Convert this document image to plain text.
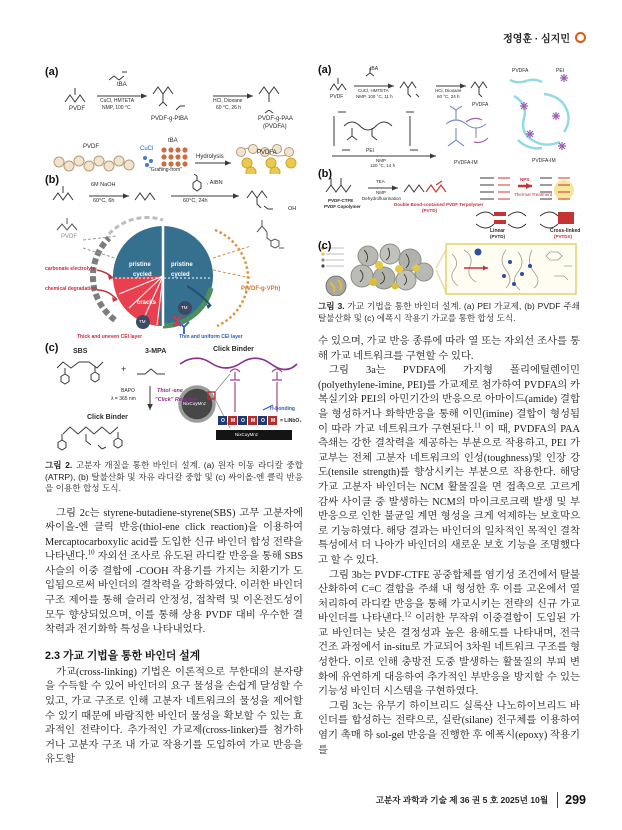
정영훈 · 심지민
(a)
PVDF
tBA
CuCl, HMTETA
NMP, 100 °C
PVDF-g-PtBA
HCl, Dioxane
60 °C, 26 h
PVDF-g-PAA
(PVDFA)
PVDF	CuCl
tBA
"Grafting-from"
Hydrolysis
PVDFA
(b)	6M NaOH
60°C, 6h
, AIBN
60°C, 24h
OH
PVDF
pristine
cycled
pristine
cycled
cracks
TM
TM
carbonate electrolyte
chemical degradation	P(VDF-g-VPh)
Thick and uneven CEI layer	Thin and uniform CEI layer
(c) SBS
+
3-MPA
BAPO
λ = 365 nm
Thiol -ene
"Click" Reaction
Click Binder
Click Binder
NixCoyMnz
H-bonding
O M O M O M = LiNbO₃
NixCoyMnz
그림 2. 고분자 개질을 통한 바인더 설계. (a) 원자 이동 라디칼 중합(ATRP), (b) 탈불산화 및 자유 라디칼 중합 및 (c) 싸이올-엔 클릭 반응을 이용한 합성 도식.

그림 2c는 styrene-butadiene-styrene(SBS) 고무 고분자에 싸이올-엔 클릭 반응(thiol-ene click reaction)을 이용하여 Mercaptocarboxylic acid를 도입한 신규 바인더 합성 전략을 나타낸다.$^{10}$ 자외선 조사로 유도된 라디칼 반응을 통해 SBS 사슬의 이중 결합에 -COOH 작용기를 가지는 치환기가 도입됨으로써 바인더의 결착력을 강화하였다. 이러한 바인더 구조 제어를 통해 슬러리 안정성, 접착력 및 이온전도성이 모두 향상되었으며, 이를 통해 상용 PVDF 대비 우수한 결착력과 전기화학 특성을 나타내었다.

2.3 가교 기법을 통한 바인더 설계

가교(cross-linking) 기법은 이론적으로 무한대의 분자량을 수득할 수 있어 바인더의 요구 물성을 손쉽게 달성할 수 있고, 가교 구조로 인해 고분자 네트워크의 물성을 제어할 수 있기 때문에 바람직한 바인더 물성을 확보할 수 있는 효과적인 전략이다. 추가적인 가교제(cross-linker)를 첨가하거나 고분자 구조 내 가교 작용기를 도입하여 가교 반응을 유도할

(a)
PVDF
tBA
CuCl, HMTETA
NMP, 100 °C, 11 h
HCl, Dioxane
60 °C, 24 h
PVDFA
PVDFA	PEI
PVDFA-IM
PEI
NMP
120 °C, 14 h	PVDFA-IM
(b)
PVDF-CTFE
PVDF Copolymer
TEA
NMP
Dehydrofluorination
Double Bond-contained PVDF Terpolymer
(PVTD)
NPS
Thermal Treatment
Linear
(PVTD)
Cross-linked
(PVTDX)
(c)
그림 3. 가교 기법을 통한 바인더 설계. (a) PEI 가교제, (b) PVDF 주쇄 탈불산화 및 (c) 에폭시 작용기 가교를 통한 합성 도식.

수 있으며, 가교 반응 종류에 따라 열 또는 자외선 조사를 통해 가교 네트워크를 구현할 수 있다.

그림 3a는 PVDFA에 가지형 폴리에틸렌이민(polyethylene-imine, PEI)를 가교제로 첨가하여 PVDFA의 카복실기와 PEI의 아민기간의 반응으로 아마이드(amide) 결합을 형성하거나 화학반응을 통해 이민(imine) 결합이 형성됨이 따라 가교 네트워크가 구현된다.$^{11}$ 이 때, PVDFA의 PAA 측쇄는 강한 결착력을 제공하는 부분으로 작용하고, PEI 가교부는 전체 고분자 네트워크의 인성(toughness)및 인장 강도(tensile strength)를 향상시키는 부분으로 작용한다. 해당 가교 고분자 바인더는 NCM 활물질을 면 접촉으로 고르게 감싸 사이클 중 발생하는 NCM의 마이크로크랙 발생 및 부반응으로 인한 불균일 계면 형성을 크게 억제하는 보호막으로 기능하였다. 해당 결과는 바인더의 일차적인 목적인 결착 특성에서 더 나아가 바인더의 새로운 보호 기능을 조명했다고 할 수 있다.

그림 3b는 PVDF-CTFE 공중합체를 염기성 조건에서 탈불산화하여 C=C 결합을 주쇄 내 형성한 후 이를 고온에서 열처리하여 라디칼 반응을 통해 가교시키는 전략의 신규 가교 바인더를 나타낸다.$^{12}$ 이러한 무작위 이중결합이 도입된 가교 바인더는 낮은 결정성과 높은 용해도를 나타내며, 전극 건조 과정에서 in-situ로 가교되어 3차원 네트워크 구조를 형성한다. 이로 인해 충방전 도중 발생하는 활물질의 부피 변화에 유연하게 대응하여 추가적인 부반응을 방지할 수 있는 기능성 바인더 시스템을 구현하였다.

그림 3c는 유무기 하이브리드 실록산 나노하이브리드 바인더를 합성하는 전략으로, 실란(silane) 전구체를 이용하여 염기 촉매 하 sol-gel 반응을 진행한 후 에폭시(epoxy) 작용기를

고분자 과학과 기술 제 36 권 5 호 2025년 10월 299
